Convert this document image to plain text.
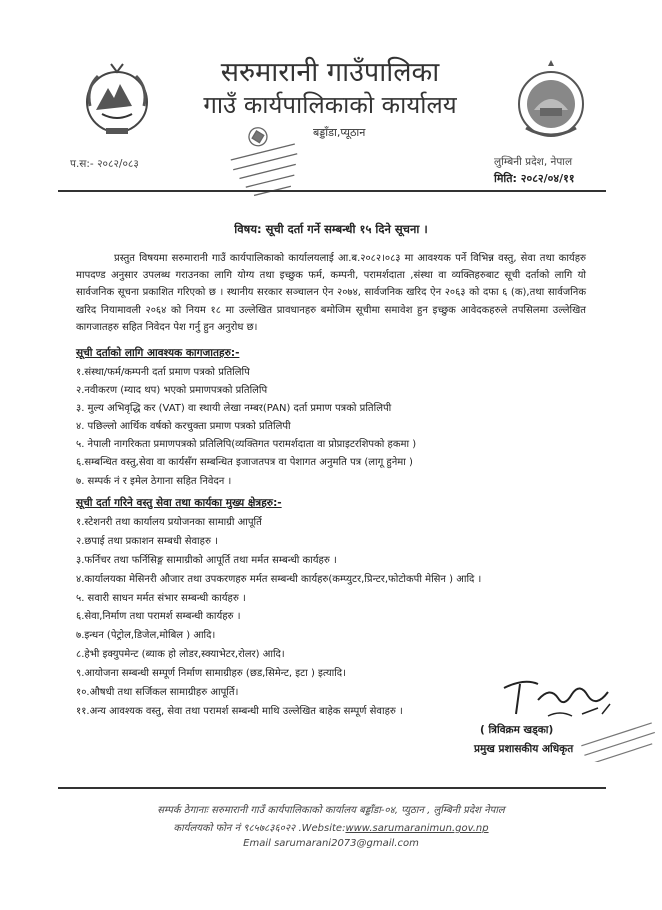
सरुमारानी गाउँपालिका
गाउँ कार्यपालिकाको कार्यालय
बड्डाँडा,प्यूठान
प.स:- २०८२/०८३	लुम्बिनी प्रदेश, नेपाल
मिति: २०८२/०४/११
विषय: सूची दर्ता गर्ने सम्बन्धी १५ दिने सूचना ।
प्रस्तुत विषयमा सरुमारानी गाउँ कार्यपालिकाको कार्यालयलाई आ.ब.२०८२।०८३ मा आवश्यक पर्ने विभिन्न वस्तु, सेवा तथा कार्यहरु मापदण्ड अनुसार उपलब्ध गराउनका लागि योग्य तथा इच्छुक फर्म, कम्पनी, परामर्शदाता ,संस्था वा व्यक्तिहरुबाट सूची दर्ताको लागि यो सार्वजनिक सूचना प्रकाशित गरिएको छ । स्थानीय सरकार सञ्चालन ऐन २०७४, सार्वजनिक खरिद ऐन २०६३ को दफा ६ (क),तथा सार्वजनिक खरिद नियामावली २०६४ को नियम १८ मा उल्लेखित प्रावधानहरु बमोजिम सूचीमा समावेश हुन इच्छुक आवेदकहरुले तपसिलमा उल्लेखित कागजातहरु सहित निवेदन पेश गर्नु हुन अनुरोध छ।
सूची दर्ताको लागि आवश्यक कागजातहरु:-
१.संस्था/फर्म/कम्पनी दर्ता प्रमाण पत्रको प्रतिलिपि
२.नवीकरण (म्याद थप) भएको प्रमाणपत्रको प्रतिलिपि
३. मुल्य अभिवृद्धि कर (VAT) वा स्थायी लेखा नम्बर(PAN) दर्ता प्रमाण पत्रको प्रतिलिपी
४. पछिल्लो आर्थिक वर्षको करचुक्ता प्रमाण पत्रको प्रतिलिपी
५. नेपाली नागरिकता प्रमाणपत्रको प्रतिलिपि(व्यक्तिगत परामर्शदाता वा प्रोप्राइटरशिपको हकमा )
६.सम्बन्धित वस्तु,सेवा वा कार्यसँग सम्बन्धित इजाजतपत्र वा पेशागत अनुमति पत्र (लागू हुनेमा )
७. सम्पर्क नं र इमेल ठेगाना सहित निवेदन ।
सूची दर्ता गरिने वस्तु सेवा तथा कार्यका मुख्य क्षेत्रहरु:-
१.स्टेशनरी तथा कार्यालय प्रयोजनका सामाग्री आपूर्ति
२.छपाई तथा प्रकाशन सम्बधी सेवाहरु ।
३.फर्निचर तथा फर्निसिङ्ग सामाग्रीको आपूर्ति तथा मर्मत सम्बन्धी कार्यहरु ।
४.कार्यालयका मेसिनरी औजार तथा उपकरणहरु मर्मत सम्बन्धी कार्यहरु(कम्प्युटर,प्रिन्टर,फोटोकपी मेसिन ) आदि ।
५. सवारी साधन मर्मत संभार सम्बन्धी कार्यहरु ।
६.सेवा,निर्माण तथा परामर्श सम्बन्धी कार्यहरु ।
७.इन्धन (पेट्रोल,डिजेल,मोबिल ) आदि।
८.हेभी इक्युपमेन्ट (ब्याक हो लोडर,स्क्याभेटर,रोलर) आदि।
९.आयोजना सम्बन्धी सम्पूर्ण निर्माण सामाग्रीहरु (छड,सिमेन्ट, इटा ) इत्यादि।
१०.औषधी तथा सर्जिकल सामाग्रीहरु आपूर्ति।
११.अन्य आवश्यक वस्तु, सेवा तथा परामर्श सम्बन्धी माथि उल्लेखित बाहेक सम्पूर्ण सेवाहरु ।
( त्रिविक्रम खड्का)
प्रमुख प्रशासकीय अधिकृत
सम्पर्क ठेगानाः सरुमारानी गाउँ कार्यपालिकाको कार्यालय बड्डाँडा-०४, प्युठान , लुम्बिनी प्रदेश नेपाल
कार्यलयको फोन नं ९८५७८३६०२२ .Website:www.sarumaranimun.gov.np
Email sarumarani2073@gmail.com
